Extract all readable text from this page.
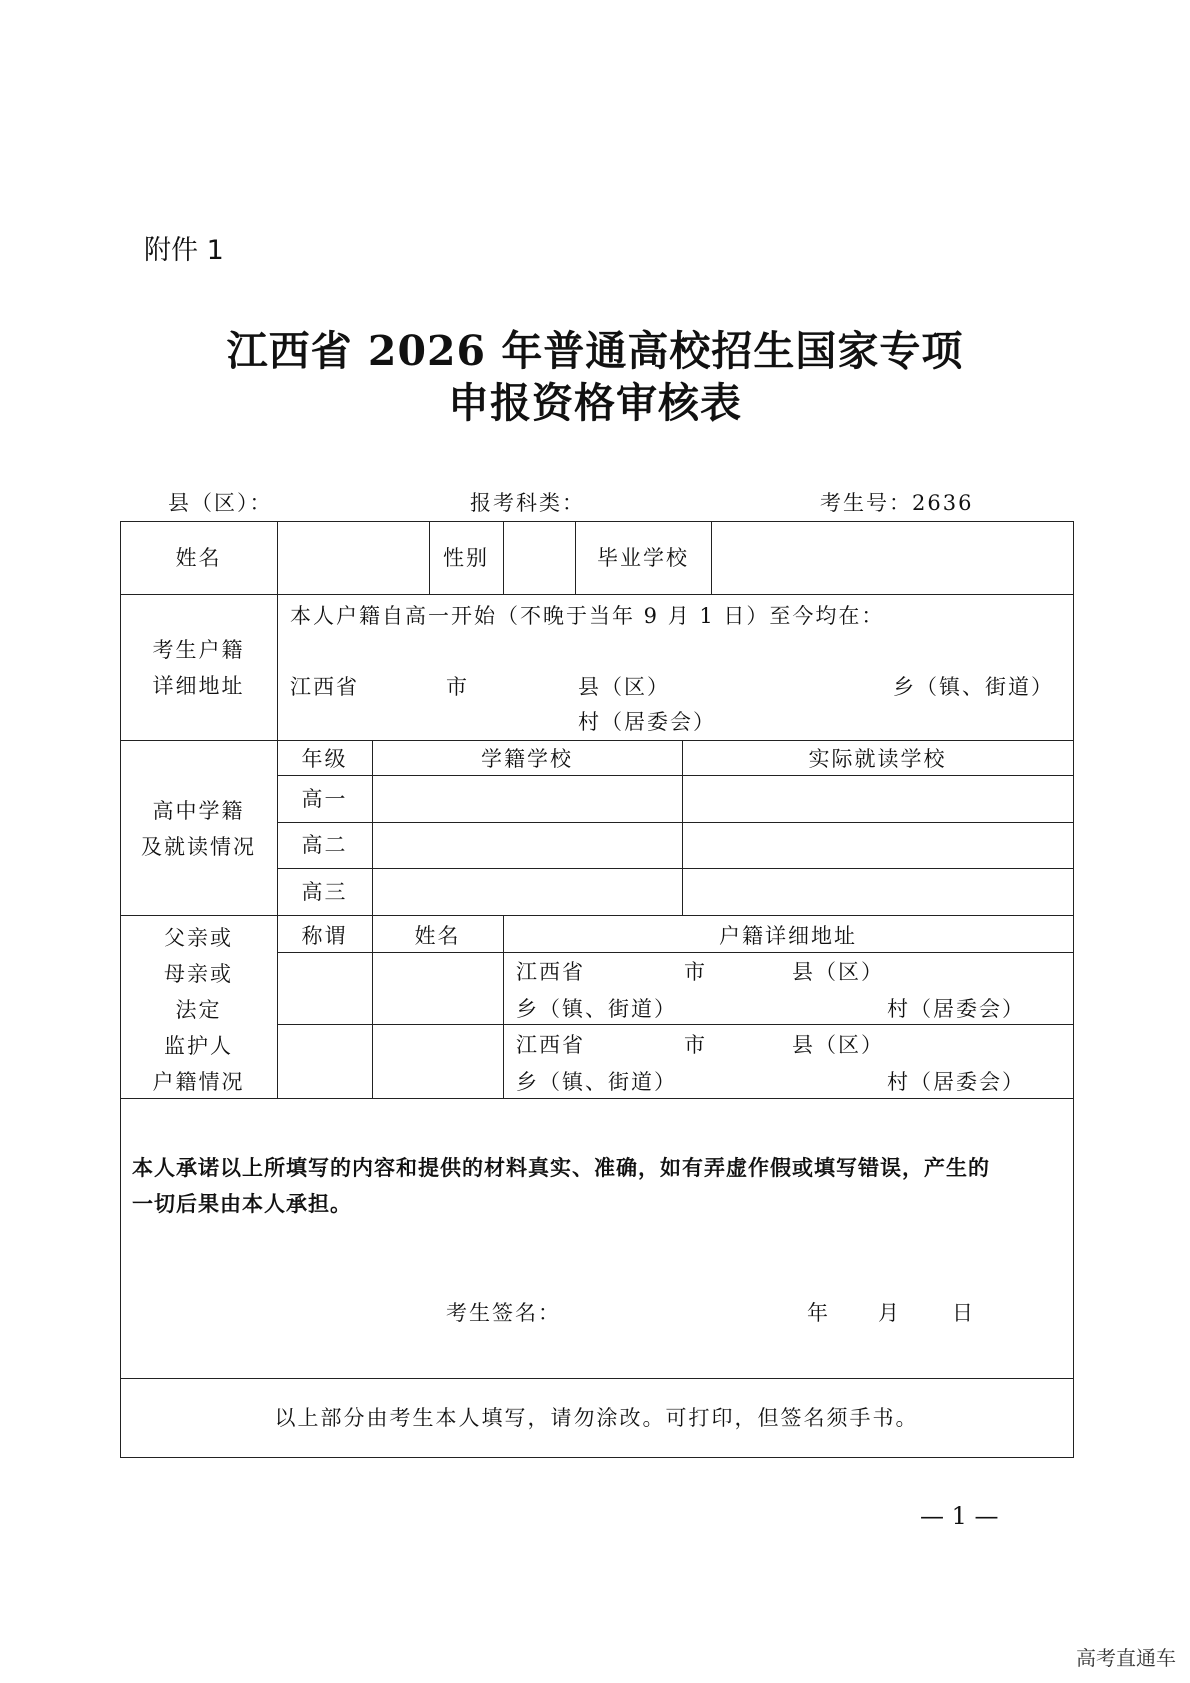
附件 1
江西省 2026 年普通高校招生国家专项
申报资格审核表
县（区）：	报考科类：	考生号：2636
姓名	性别	毕业学校
考生户籍
详细地址
本人户籍自高一开始（不晚于当年 9 月 1 日）至今均在：
江西省	市	县（区）	乡（镇、街道）
村（居委会）
高中学籍
及就读情况
年级	学籍学校	实际就读学校
高一
高二
高三
父亲或
母亲或
法定
监护人
户籍情况
称谓	姓名	户籍详细地址
江西省	市	县（区）
乡（镇、街道）	村（居委会）
江西省	市	县（区）
乡（镇、街道）	村（居委会）
本人承诺以上所填写的内容和提供的材料真实、准确，如有弄虚作假或填写错误，产生的
一切后果由本人承担。
考生签名：	年 月 日
以上部分由考生本人填写，请勿涂改。可打印，但签名须手书。
— 1 —
高考直通车
